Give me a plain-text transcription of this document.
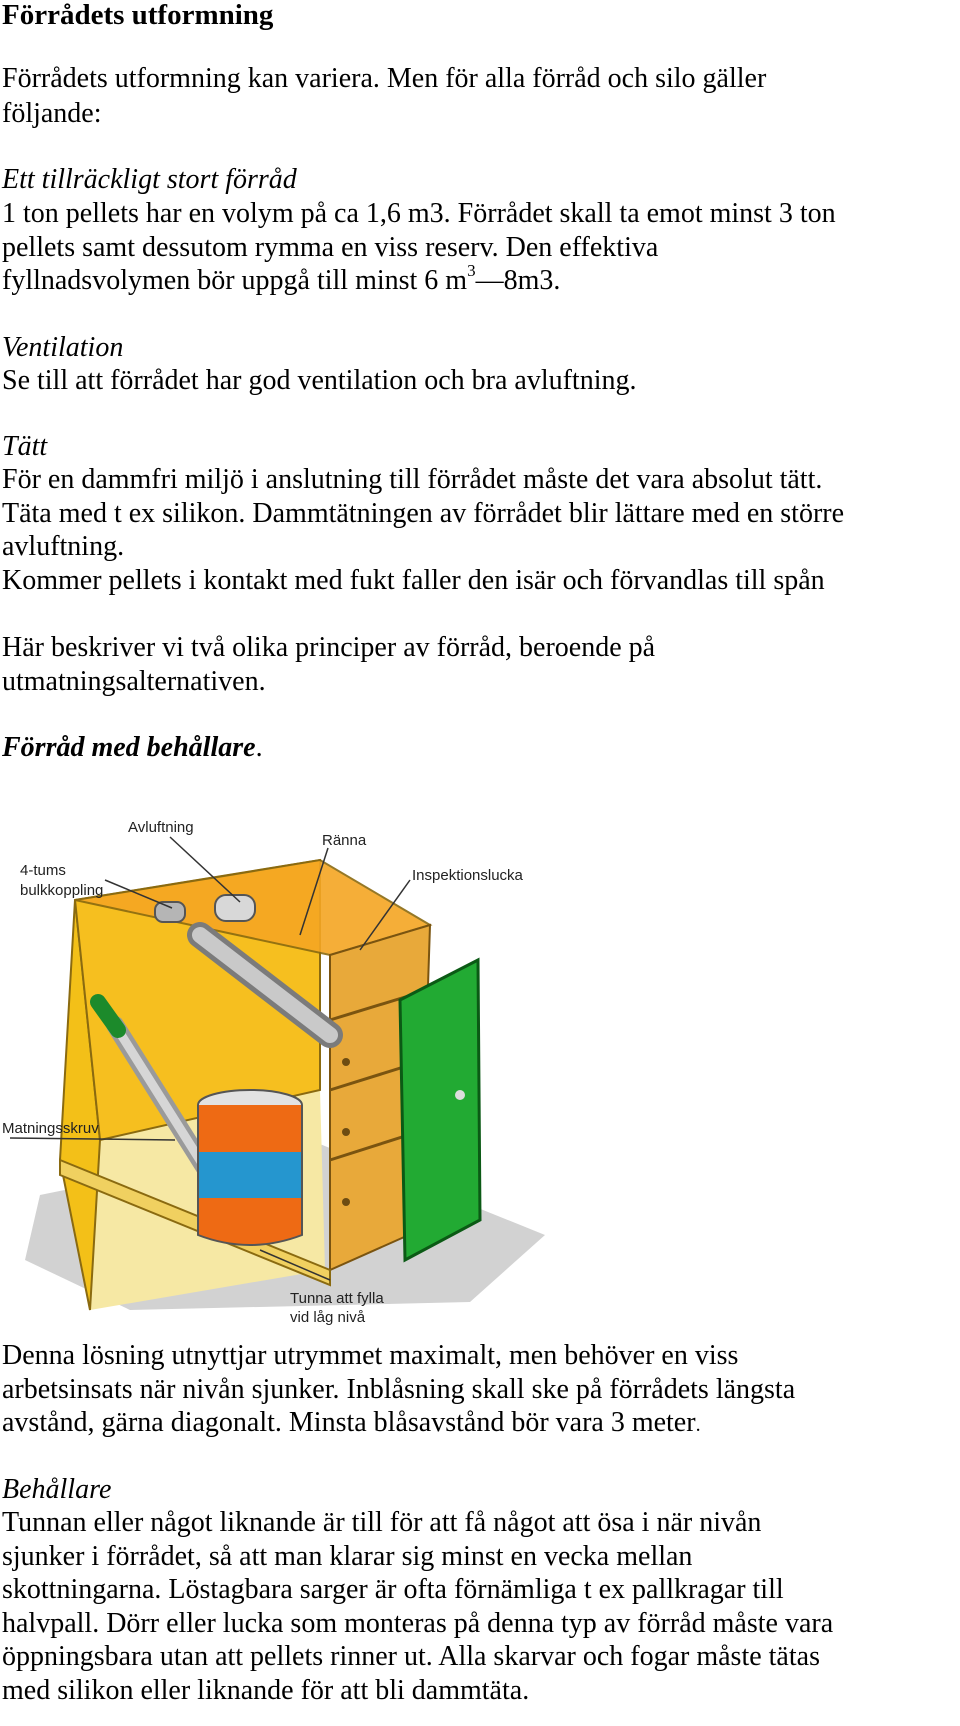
Förrådets utformning

Förrådets utformning kan variera. Men för alla förråd och silo gäller

följande:

Ett tillräckligt stort förråd

1 ton pellets har en volym på ca 1,6 m3. Förrådet skall ta emot minst 3 ton

pellets samt dessutom rymma en viss reserv. Den effektiva

fyllnadsvolymen bör uppgå till minst 6 $m^3—8m3$.

Ventilation

Se till att förrådet har god ventilation och bra avluftning.

Tätt

För en dammfri miljö i anslutning till förrådet måste det vara absolut tätt.

Täta med t ex silikon. Dammtätningen av förrådet blir lättare med en större

avluftning.

Kommer pellets i kontakt med fukt faller den isär och förvandlas till spån

Här beskriver vi två olika principer av förråd, beroende på

utmatningsalternativen.

Förråd med behållare.

Avluftning
4-tums
bulkkoppling
Ränna
Inspektionslucka
Matningsskruv
Tunna att fylla
vid låg nivå

Denna lösning utnyttjar utrymmet maximalt, men behöver en viss

arbetsinsats när nivån sjunker. Inblåsning skall ske på förrådets längsta

avstånd, gärna diagonalt. Minsta blåsavstånd bör vara 3 meter.

Behållare

Tunnan eller något liknande är till för att få något att ösa i när nivån

sjunker i förrådet, så att man klarar sig minst en vecka mellan

skottningarna. Löstagbara sarger är ofta förnämliga t ex pallkragar till

halvpall. Dörr eller lucka som monteras på denna typ av förråd måste vara

öppningsbara utan att pellets rinner ut. Alla skarvar och fogar måste tätas

med silikon eller liknande för att bli dammtäta.
